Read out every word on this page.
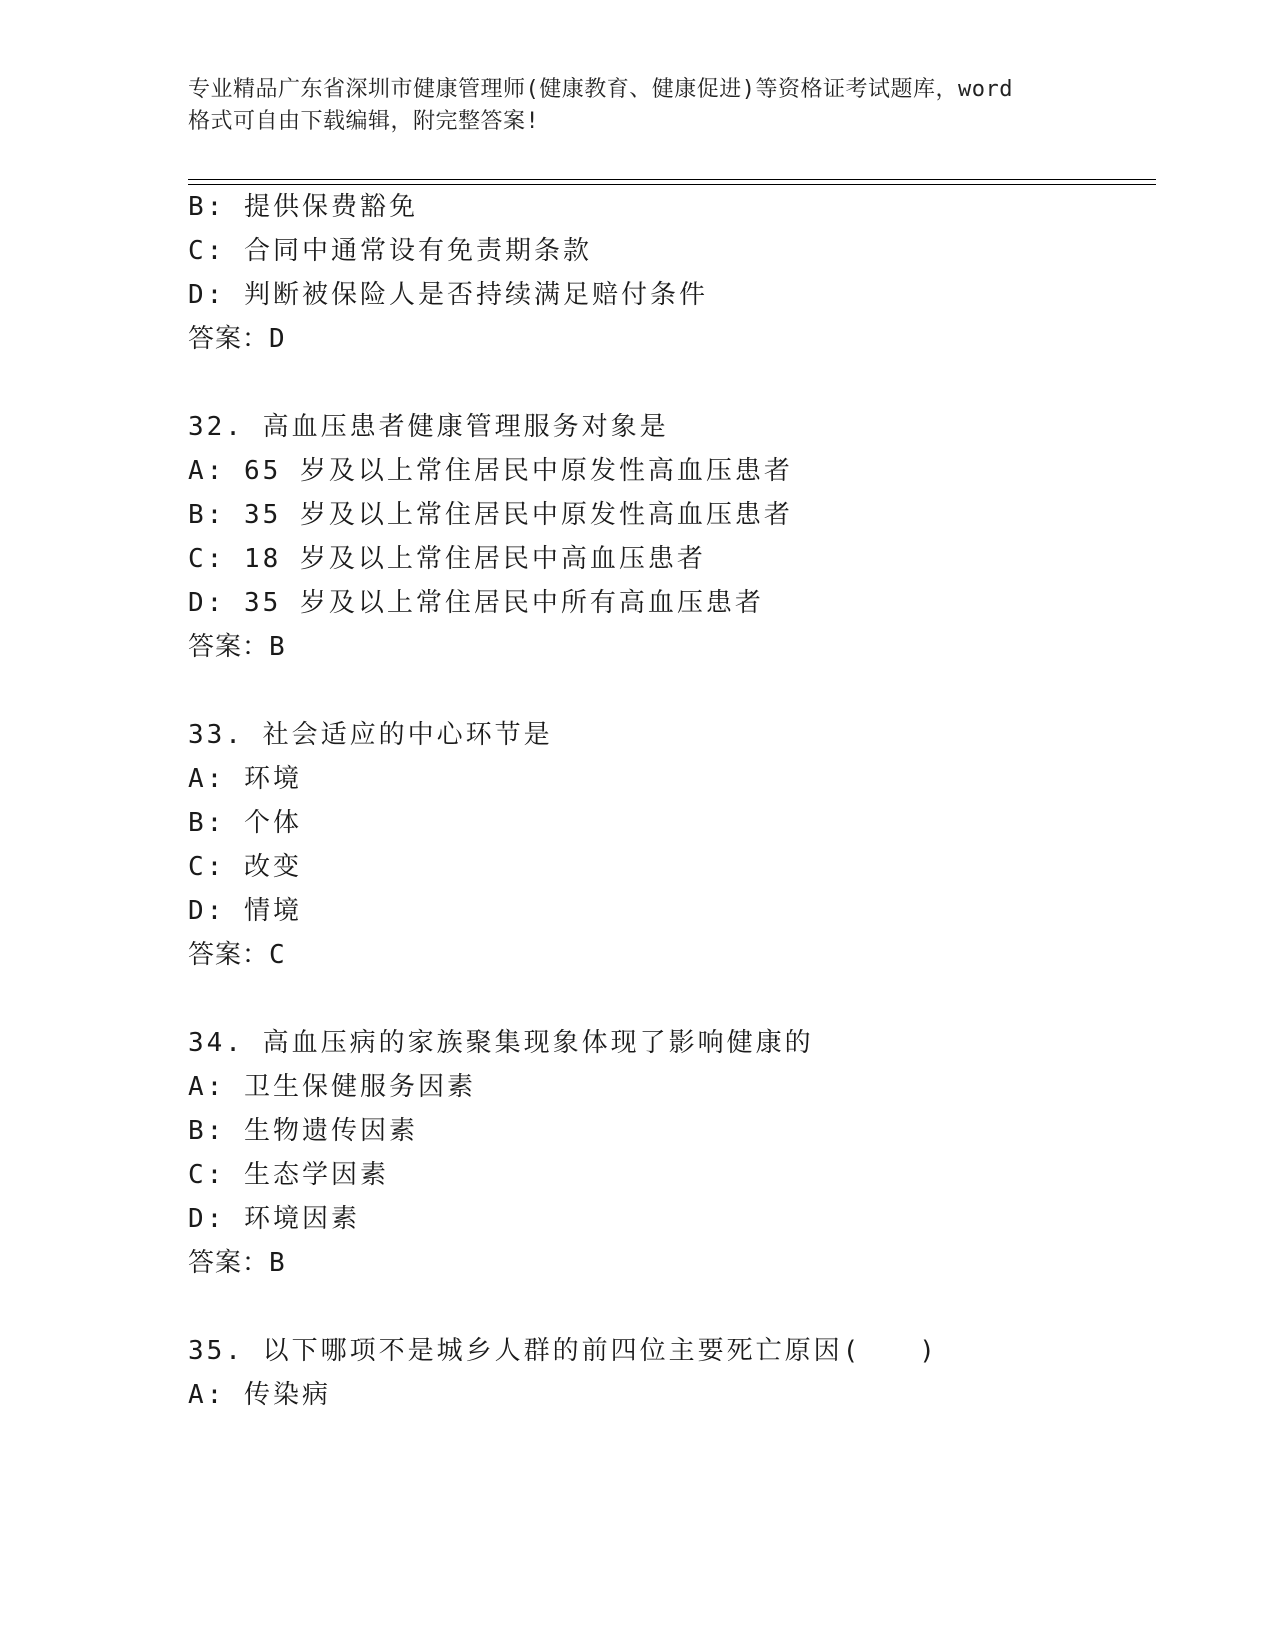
专业精品广东省深圳市健康管理师(健康教育、健康促进)等资格证考试题库，word
格式可自由下载编辑，附完整答案!
B: 提供保费豁免
C: 合同中通常设有免责期条款
D: 判断被保险人是否持续满足赔付条件
答案：D
32. 高血压患者健康管理服务对象是
A: 65 岁及以上常住居民中原发性高血压患者
B: 35 岁及以上常住居民中原发性高血压患者
C: 18 岁及以上常住居民中高血压患者
D: 35 岁及以上常住居民中所有高血压患者
答案：B
33. 社会适应的中心环节是
A: 环境
B: 个体
C: 改变
D: 情境
答案：C
34. 高血压病的家族聚集现象体现了影响健康的
A: 卫生保健服务因素
B: 生物遗传因素
C: 生态学因素
D: 环境因素
答案：B
35. 以下哪项不是城乡人群的前四位主要死亡原因(　　)
A: 传染病
